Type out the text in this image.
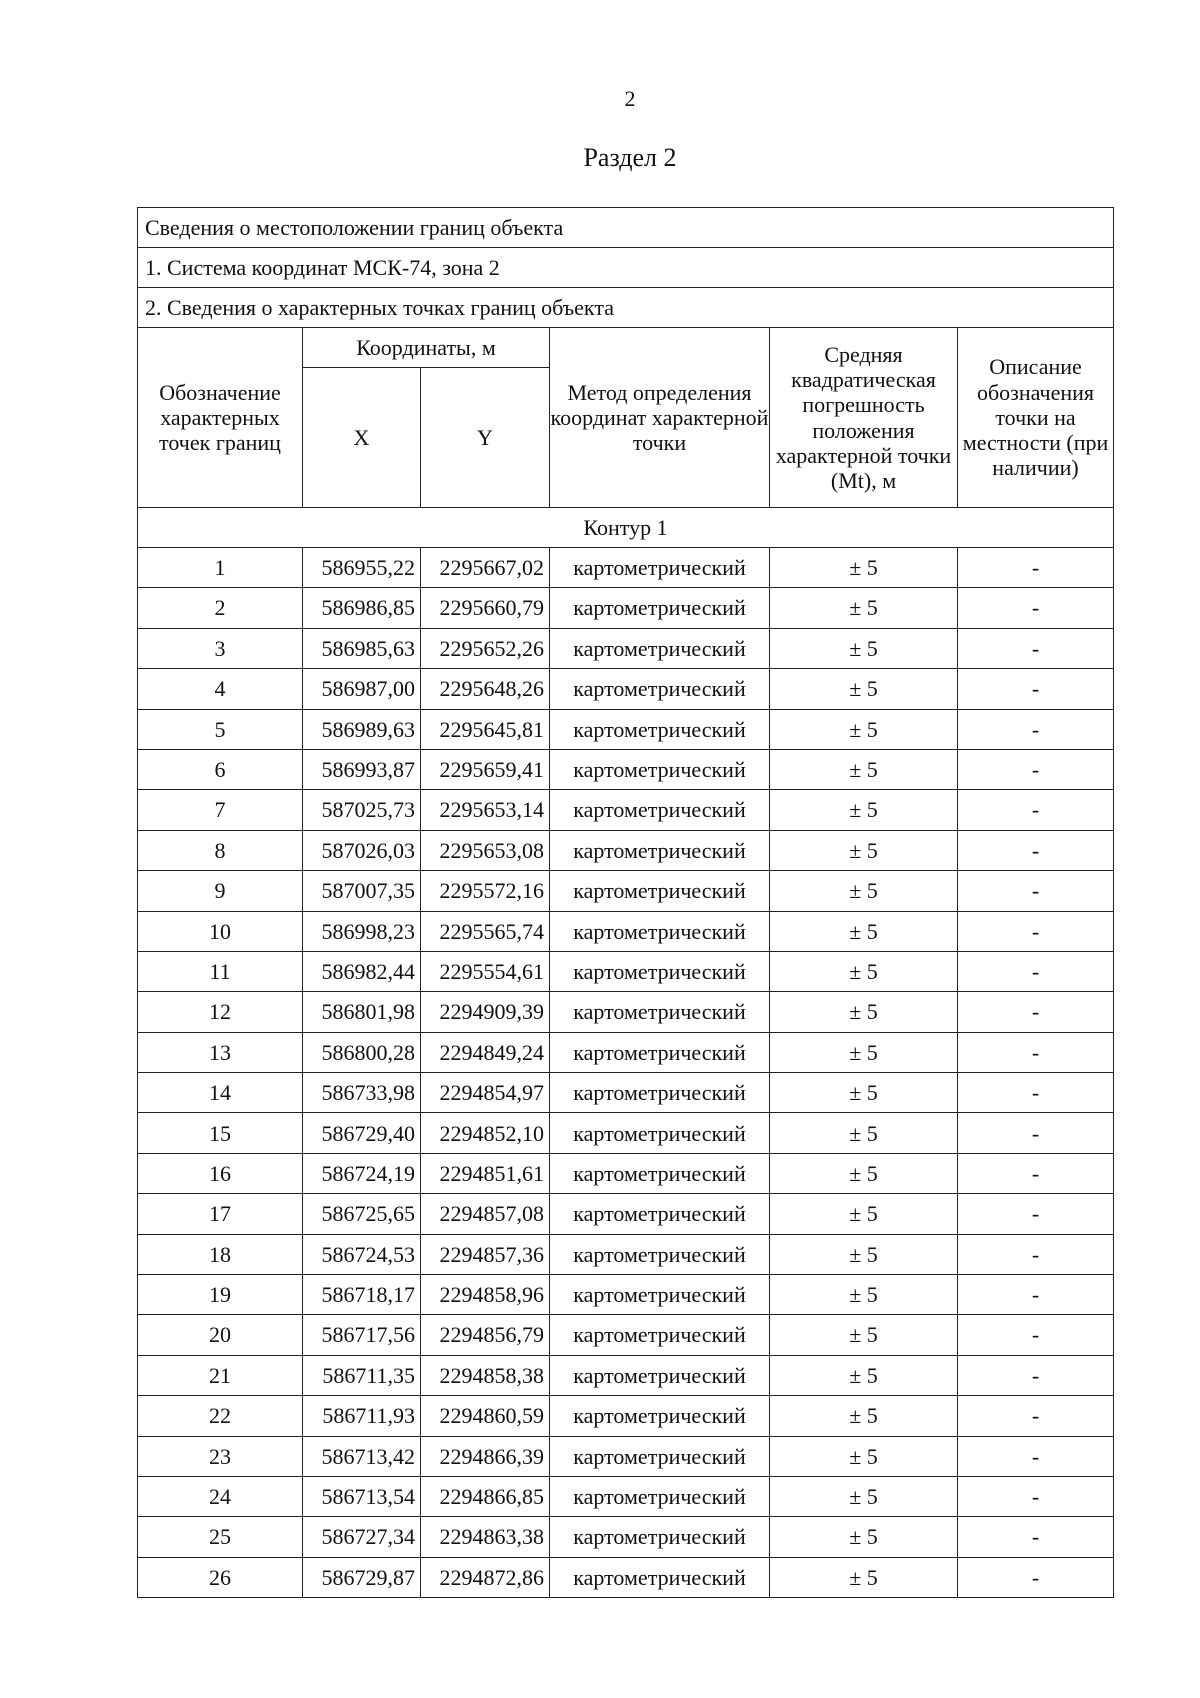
2
Раздел 2
Сведения о местоположении границ объекта					
1. Система координат МСК-74, зона 2					
2. Сведения о характерных точках границ объекта					
Обозначение характерных точек границ	Координаты, м		Метод определения координат характерной точки	Средняя квадратическая погрешность положения характерной точки (Mt), м	Описание обозначения точки на местности (при наличии)
	X	Y			
Контур 1					
1	586955,22	2295667,02	картометрический	± 5	-
2	586986,85	2295660,79	картометрический	± 5	-
3	586985,63	2295652,26	картометрический	± 5	-
4	586987,00	2295648,26	картометрический	± 5	-
5	586989,63	2295645,81	картометрический	± 5	-
6	586993,87	2295659,41	картометрический	± 5	-
7	587025,73	2295653,14	картометрический	± 5	-
8	587026,03	2295653,08	картометрический	± 5	-
9	587007,35	2295572,16	картометрический	± 5	-
10	586998,23	2295565,74	картометрический	± 5	-
11	586982,44	2295554,61	картометрический	± 5	-
12	586801,98	2294909,39	картометрический	± 5	-
13	586800,28	2294849,24	картометрический	± 5	-
14	586733,98	2294854,97	картометрический	± 5	-
15	586729,40	2294852,10	картометрический	± 5	-
16	586724,19	2294851,61	картометрический	± 5	-
17	586725,65	2294857,08	картометрический	± 5	-
18	586724,53	2294857,36	картометрический	± 5	-
19	586718,17	2294858,96	картометрический	± 5	-
20	586717,56	2294856,79	картометрический	± 5	-
21	586711,35	2294858,38	картометрический	± 5	-
22	586711,93	2294860,59	картометрический	± 5	-
23	586713,42	2294866,39	картометрический	± 5	-
24	586713,54	2294866,85	картометрический	± 5	-
25	586727,34	2294863,38	картометрический	± 5	-
26	586729,87	2294872,86	картометрический	± 5	-
